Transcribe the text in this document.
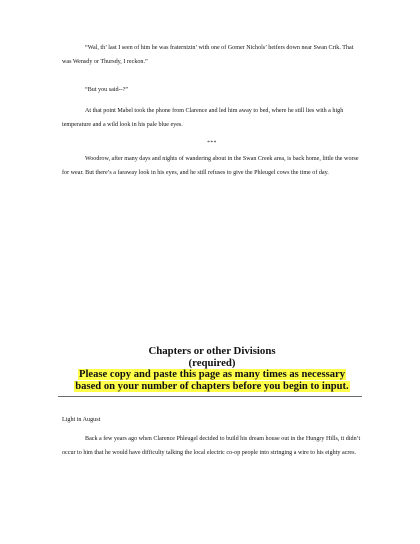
“Wal, th’ last I seen of him he was fraternizin’ with one of Gomer Nichols’ heifers down near Swan Crik. That was Wensdy or Thursdy, I reckon.”

“But you said--?”

At that point Mabel took the phone from Clarence and led him away to bed, where he still lies with a high temperature and a wild look in his pale blue eyes.

***

Woodrow, after many days and nights of wandering about in the Swan Creek area, is back home, little the worse for wear. But there’s a faraway look in his eyes, and he still refuses to give the Phleugel cows the time of day.

Chapters or other Divisions
(required)
Please copy and paste this page as many times as necessary
based on your number of chapters before you begin to input.
Light in August

Back a few years ago when Clarence Phleugel decided to build his dream house out in the Hungry Hills, it didn’t occur to him that he would have difficulty talking the local electric co-op people into stringing a wire to his eighty acres.
